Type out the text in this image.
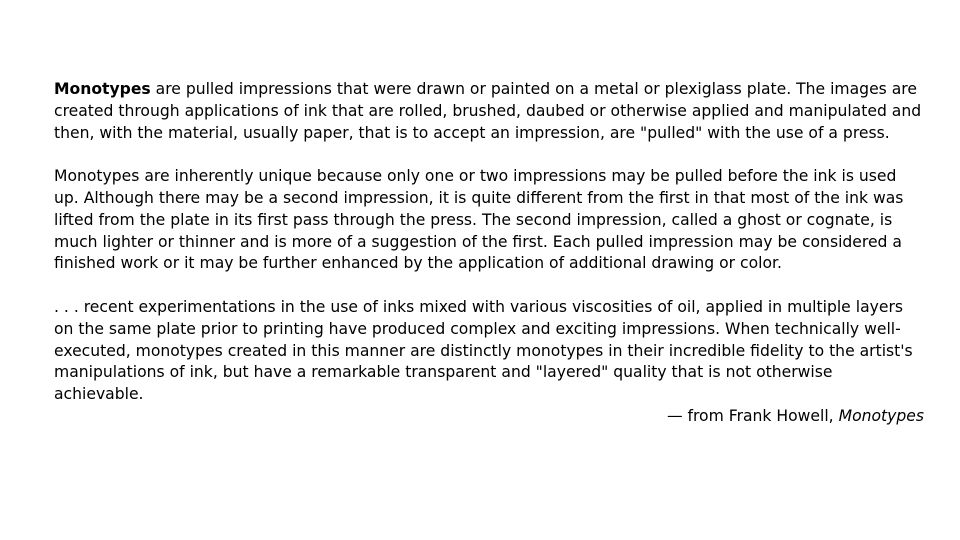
Monotypes are pulled impressions that were drawn or painted on a metal or plexiglass plate. The images are created through applications of ink that are rolled, brushed, daubed or otherwise applied and manipulated and then, with the material, usually paper, that is to accept an impression, are "pulled" with the use of a press.

Monotypes are inherently unique because only one or two impressions may be pulled before the ink is used up. Although there may be a second impression, it is quite different from the first in that most of the ink was lifted from the plate in its first pass through the press. The second impression, called a ghost or cognate, is much lighter or thinner and is more of a suggestion of the first. Each pulled impression may be considered a finished work or it may be further enhanced by the application of additional drawing or color.

. . . recent experimentations in the use of inks mixed with various viscosities of oil, applied in multiple layers on the same plate prior to printing have produced complex and exciting impressions. When technically well-executed, monotypes created in this manner are distinctly monotypes in their incredible fidelity to the artist's manipulations of ink, but have a remarkable transparent and "layered" quality that is not otherwise achievable.

— from Frank Howell, Monotypes
